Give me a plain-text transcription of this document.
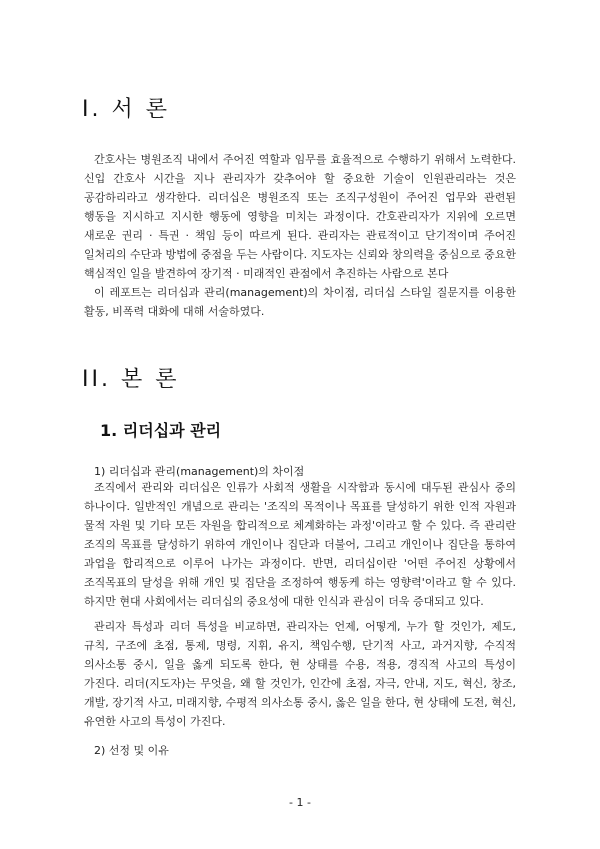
I. 서 론

간호사는 병원조직 내에서 주어진 역할과 임무를 효율적으로 수행하기 위해서 노력한다. 신입 간호사 시간을 지나 관리자가 갖추어야 할 중요한 기술이 인원관리라는 것은 공감하리라고 생각한다. 리더십은 병원조직 또는 조직구성원이 주어진 업무와 관련된 행동을 지시하고 지시한 행동에 영향을 미치는 과정이다. 간호관리자가 지위에 오르면 새로운 권리 · 특권 · 책임 등이 따르게 된다. 관리자는 관료적이고 단기적이며 주어진 일처리의 수단과 방법에 중점을 두는 사람이다. 지도자는 신뢰와 창의력을 중심으로 중요한 핵심적인 일을 발견하여 장기적 · 미래적인 관점에서 추진하는 사람으로 본다

이 레포트는 리더십과 관리(management)의 차이점, 리더십 스타일 질문지를 이용한 활동, 비폭력 대화에 대해 서술하였다.

II. 본 론
1. 리더십과 관리

1) 리더십과 관리(management)의 차이점

조직에서 관리와 리더십은 인류가 사회적 생활을 시작함과 동시에 대두된 관심사 중의 하나이다. 일반적인 개념으로 관리는 '조직의 목적이나 목표를 달성하기 위한 인적 자원과 물적 자원 및 기타 모든 자원을 합리적으로 체계화하는 과정'이라고 할 수 있다. 즉 관리란 조직의 목표를 달성하기 위하여 개인이나 집단과 더불어, 그리고 개인이나 집단을 통하여 과업을 합리적으로 이루어 나가는 과정이다. 반면, 리더십이란 '어떤 주어진 상황에서 조직목표의 달성을 위해 개인 및 집단을 조정하여 행동케 하는 영향력'이라고 할 수 있다. 하지만 현대 사회에서는 리더십의 중요성에 대한 인식과 관심이 더욱 증대되고 있다.

관리자 특성과 리더 특성을 비교하면, 관리자는 언제, 어떻게, 누가 할 것인가, 제도, 규칙, 구조에 초점, 통제, 명령, 지휘, 유지, 책임수행, 단기적 사고, 과거지향, 수직적 의사소통 중시, 일을 옳게 되도록 한다, 현 상태를 수용, 적용, 경직적 사고의 특성이 가진다. 리더(지도자)는 무엇을, 왜 할 것인가, 인간에 초점, 자극, 안내, 지도, 혁신, 창조, 개발, 장기적 사고, 미래지향, 수평적 의사소통 중시, 옳은 일을 한다, 현 상태에 도전, 혁신, 유연한 사고의 특성이 가진다.

2) 선정 및 이유

- 1 -
